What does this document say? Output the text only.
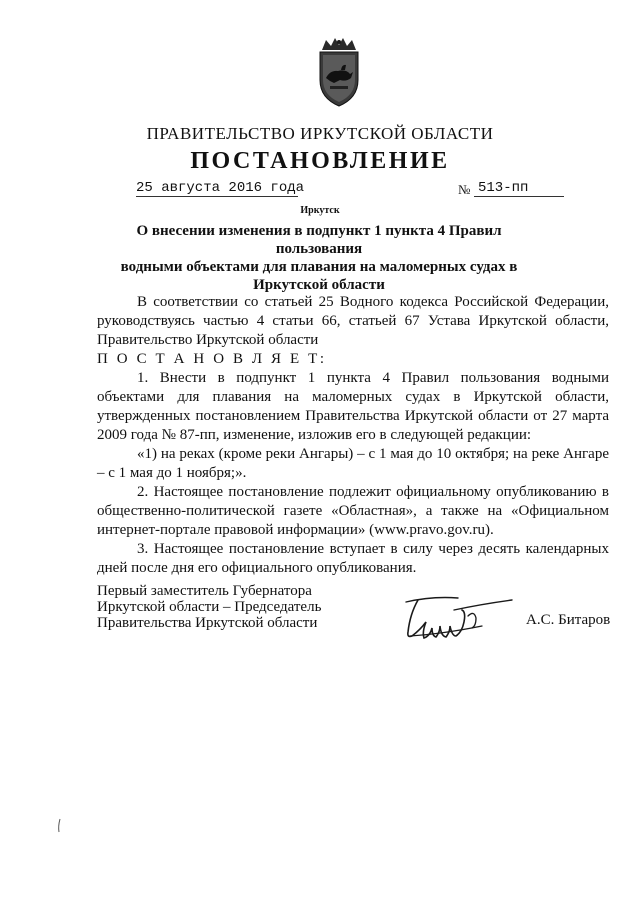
ПРАВИТЕЛЬСТВО ИРКУТСКОЙ ОБЛАСТИ
ПОСТАНОВЛЕНИЕ
25 августа 2016 года	№ 513-пп
Иркутск
О внесении изменения в подпункт 1 пункта 4 Правил пользования
водными объектами для плавания на маломерных судах в
Иркутской области

В соответствии со статьей 25 Водного кодекса Российской Федерации, руководствуясь частью 4 статьи 66, статьей 67 Устава Иркутской области, Правительство Иркутской области

П О С Т А Н О В Л Я Е Т:

1. Внести в подпункт 1 пункта 4 Правил пользования водными объектами для плавания на маломерных судах в Иркутской области, утвержденных постановлением Правительства Иркутской области от 27 марта 2009 года № 87-пп, изменение, изложив его в следующей редакции:

«1) на реках (кроме реки Ангары) – с 1 мая до 10 октября; на реке Ангаре – с 1 мая до 1 ноября;».

2. Настоящее постановление подлежит официальному опубликованию в общественно-политической газете «Областная», а также на «Официальном интернет-портале правовой информации» (www.pravo.gov.ru).

3. Настоящее постановление вступает в силу через десять календарных дней после дня его официального опубликования.

Первый заместитель Губернатора
Иркутской области – Председатель
Правительства Иркутской области	А.С. Битаров
